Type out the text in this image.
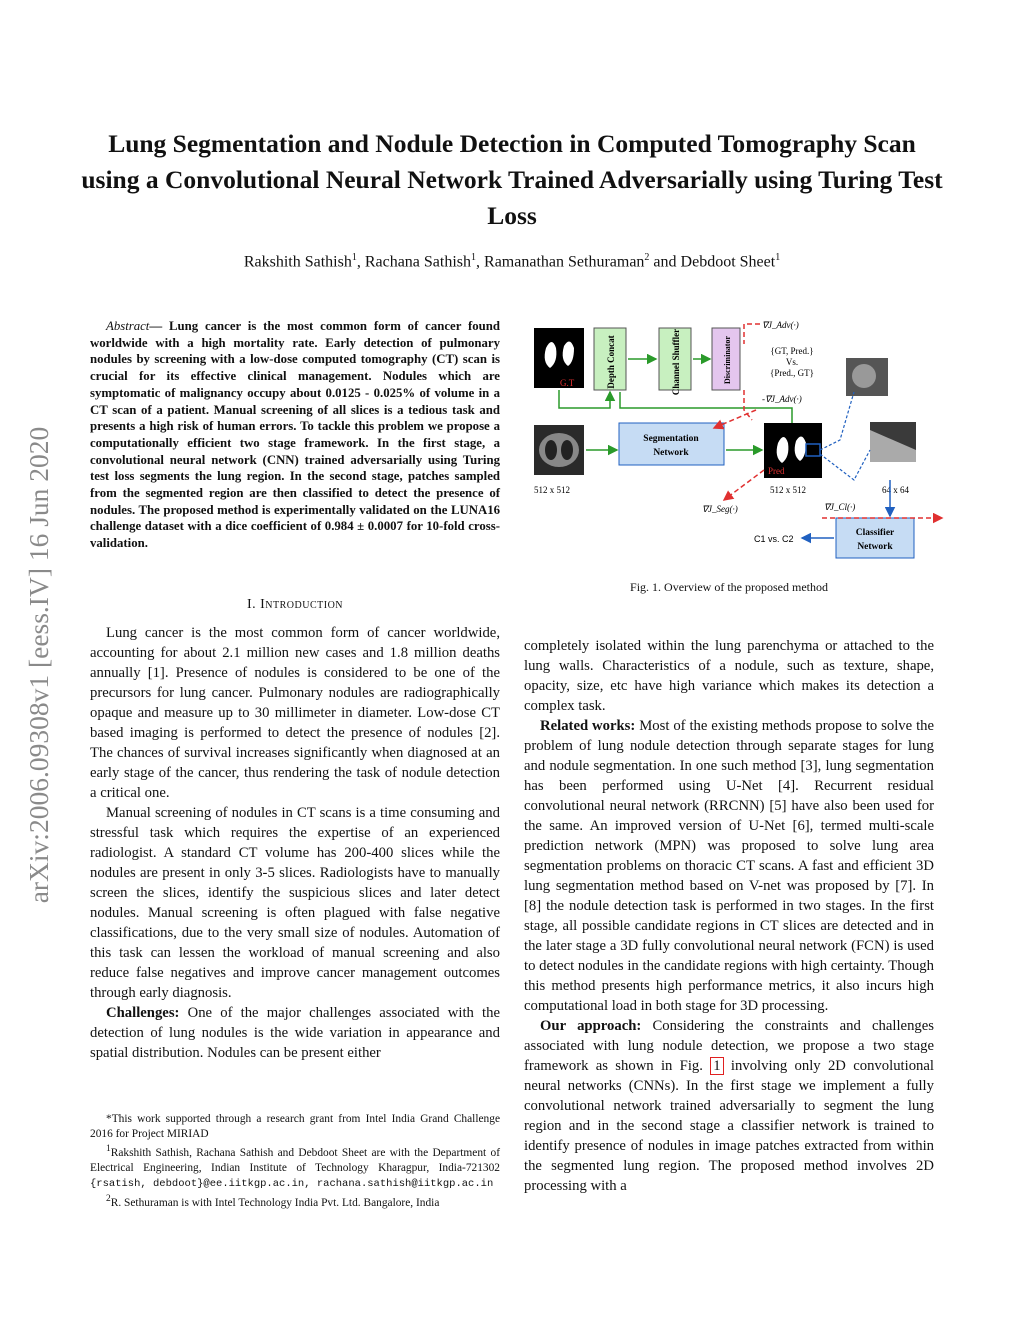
Lung Segmentation and Nodule Detection in Computed Tomography Scan using a Convolutional Neural Network Trained Adversarially using Turing Test Loss
Rakshith Sathish$^1$, Rachana Sathish$^1$, Ramanathan Sethuraman$^2$ and Debdoot Sheet$^1$
arXiv:2006.09308v1 [eess.IV] 16 Jun 2020
Abstract— Lung cancer is the most common form of cancer found worldwide with a high mortality rate. Early detection of pulmonary nodules by screening with a low-dose computed tomography (CT) scan is crucial for its effective clinical management. Nodules which are symptomatic of malignancy occupy about 0.0125 - 0.025% of volume in a CT scan of a patient. Manual screening of all slices is a tedious task and presents a high risk of human errors. To tackle this problem we propose a computationally efficient two stage framework. In the first stage, a convolutional neural network (CNN) trained adversarially using Turing test loss segments the lung region. In the second stage, patches sampled from the segmented region are then classified to detect the presence of nodules. The proposed method is experimentally validated on the LUNA16 challenge dataset with a dice coefficient of 0.984 ± 0.0007 for 10-fold cross-validation.
I. Introduction

Lung cancer is the most common form of cancer worldwide, accounting for about 2.1 million new cases and 1.8 million deaths annually [1]. Presence of nodules is considered to be one of the precursors for lung cancer. Pulmonary nodules are radiographically opaque and measure up to 30 millimeter in diameter. Low-dose CT based imaging is performed to detect the presence of nodules [2]. The chances of survival increases significantly when diagnosed at an early stage of the cancer, thus rendering the task of nodule detection a critical one.

Manual screening of nodules in CT scans is a time consuming and stressful task which requires the expertise of an experienced radiologist. A standard CT volume has 200-400 slices while the nodules are present in only 3-5 slices. Radiologists have to manually screen the slices, identify the suspicious slices and later detect nodules. Manual screening is often plagued with false negative classifications, due to the very small size of nodules. Automation of this task can lessen the workload of manual screening and also reduce false negatives and improve cancer management outcomes through early diagnosis.

Challenges: One of the major challenges associated with the detection of lung nodules is the wide variation in appearance and spatial distribution. Nodules can be present either

*This work supported through a research grant from Intel India Grand Challenge 2016 for Project MIRIAD

$^1$Rakshith Sathish, Rachana Sathish and Debdoot Sheet are with the Department of Electrical Engineering, Indian Institute of Technology Kharagpur, India-721302 {rsatish, debdoot}@ee.iitkgp.ac.in, rachana.sathish@iitkgp.ac.in

$^2$R. Sethuraman is with Intel Technology India Pvt. Ltd. Bangalore, India

G.T	Depth Concat	Channel Shuffler	Discriminator
∇J_Adv(·)
{GT, Pred.}
Vs.
{Pred., GT}
-∇J_Adv(·)
512 x 512
Segmentation
Network
Pred
512 x 512
∇J_Seg(·)
64 x 64
Classifier
Network
C1 vs. C2
∇J_Cl(·)
Fig. 1. Overview of the proposed method

completely isolated within the lung parenchyma or attached to the lung walls. Characteristics of a nodule, such as texture, shape, opacity, size, etc have high variance which makes its detection a complex task.

Related works: Most of the existing methods propose to solve the problem of lung nodule detection through separate stages for lung and nodule segmentation. In one such method [3], lung segmentation has been performed using U-Net [4]. Recurrent residual convolutional neural network (RRCNN) [5] have also been used for the same. An improved version of U-Net [6], termed multi-scale prediction network (MPN) was proposed to solve lung area segmentation problems on thoracic CT scans. A fast and efficient 3D lung segmentation method based on V-net was proposed by [7]. In [8] the nodule detection task is performed in two stages. In the first stage, all possible candidate regions in CT slices are detected and in the later stage a 3D fully convolutional neural network (FCN) is used to detect nodules in the candidate regions with high certainty. Though this method presents high performance metrics, it also incurs high computational load in both stage for 3D processing.

Our approach: Considering the constraints and challenges associated with lung nodule detection, we propose a two stage framework as shown in Fig. 1 involving only 2D convolutional neural networks (CNNs). In the first stage we implement a fully convolutional network trained adversarially to segment the lung region and in the second stage a classifier network is trained to identify presence of nodules in image patches extracted from within the segmented lung region. The proposed method involves 2D processing with a
